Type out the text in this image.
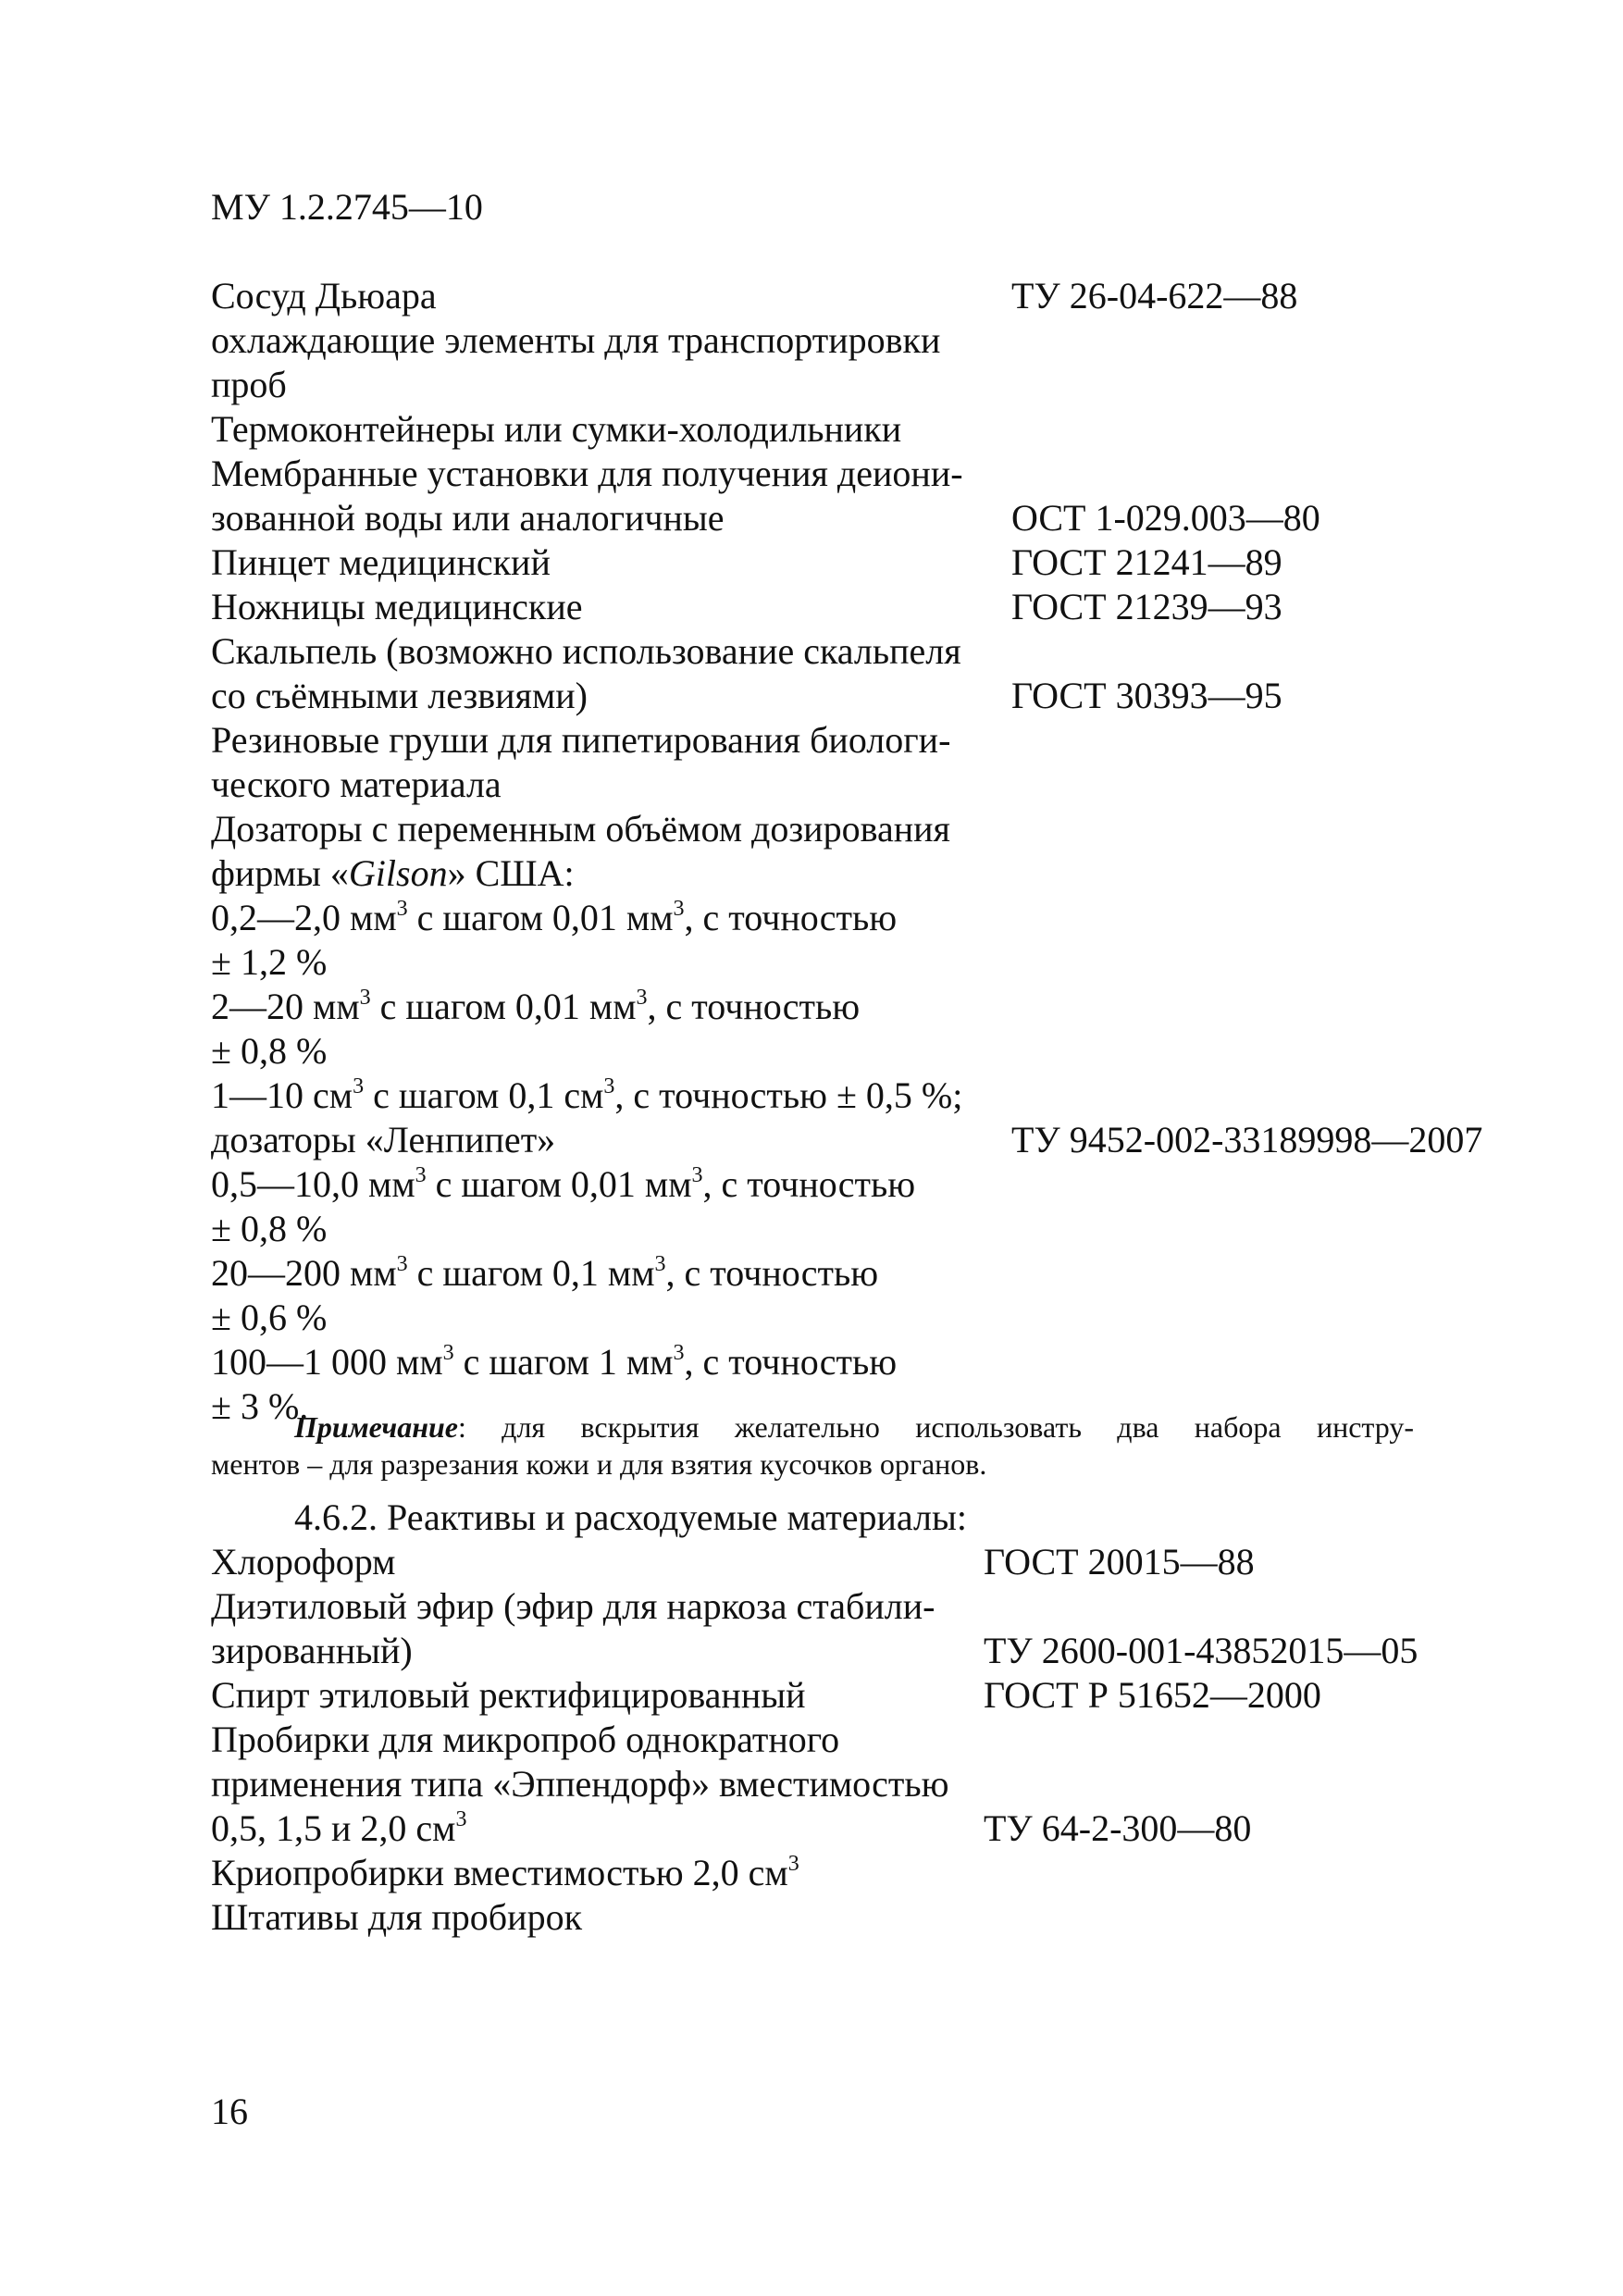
МУ 1.2.2745—10
Сосуд Дьюара	ТУ 26-04-622—88
охлаждающие элементы для транспортировки
проб
Термоконтейнеры или сумки-холодильники
Мембранные установки для получения деиони-
зованной воды или аналогичные	ОСТ 1-029.003—80
Пинцет медицинский	ГОСТ 21241—89
Ножницы медицинские	ГОСТ 21239—93
Скальпель (возможно использование скальпеля
со съёмными лезвиями)	ГОСТ 30393—95
Резиновые груши для пипетирования биологи-
ческого материала
Дозаторы с переменным объёмом дозирования
фирмы «Gilson» США:
0,2—2,0 $мм^3$ с шагом 0,01 $мм^3$, с точностью
± 1,2 %
2—20 $мм^3$ с шагом 0,01 $мм^3$, с точностью
± 0,8 %
1—10 $см^3$ с шагом 0,1 $см^3$, с точностью ± 0,5 %;
дозаторы «Ленпипет»	ТУ 9452-002-33189998—2007
0,5—10,0 $мм^3$ с шагом 0,01 $мм^3$, с точностью
± 0,8 %
20—200 $мм^3$ с шагом 0,1 $мм^3$, с точностью
± 0,6 %
100—1 000 $мм^3$ с шагом 1 $мм^3$, с точностью
± 3 %.
Примечание: для вскрытия желательно использовать два набора инстру-
ментов – для разрезания кожи и для взятия кусочков органов.
4.6.2. Реактивы и расходуемые материалы:
Хлороформ	ГОСТ 20015—88
Диэтиловый эфир (эфир для наркоза стабили-
зированный)	ТУ 2600-001-43852015—05
Спирт этиловый ректифицированный	ГОСТ Р 51652—2000
Пробирки для микропроб однократного
применения типа «Эппендорф» вместимостью
0,5, 1,5 и 2,0 $см^3$	ТУ 64-2-300—80
Криопробирки вместимостью 2,0 $см^3$
Штативы для пробирок
16
